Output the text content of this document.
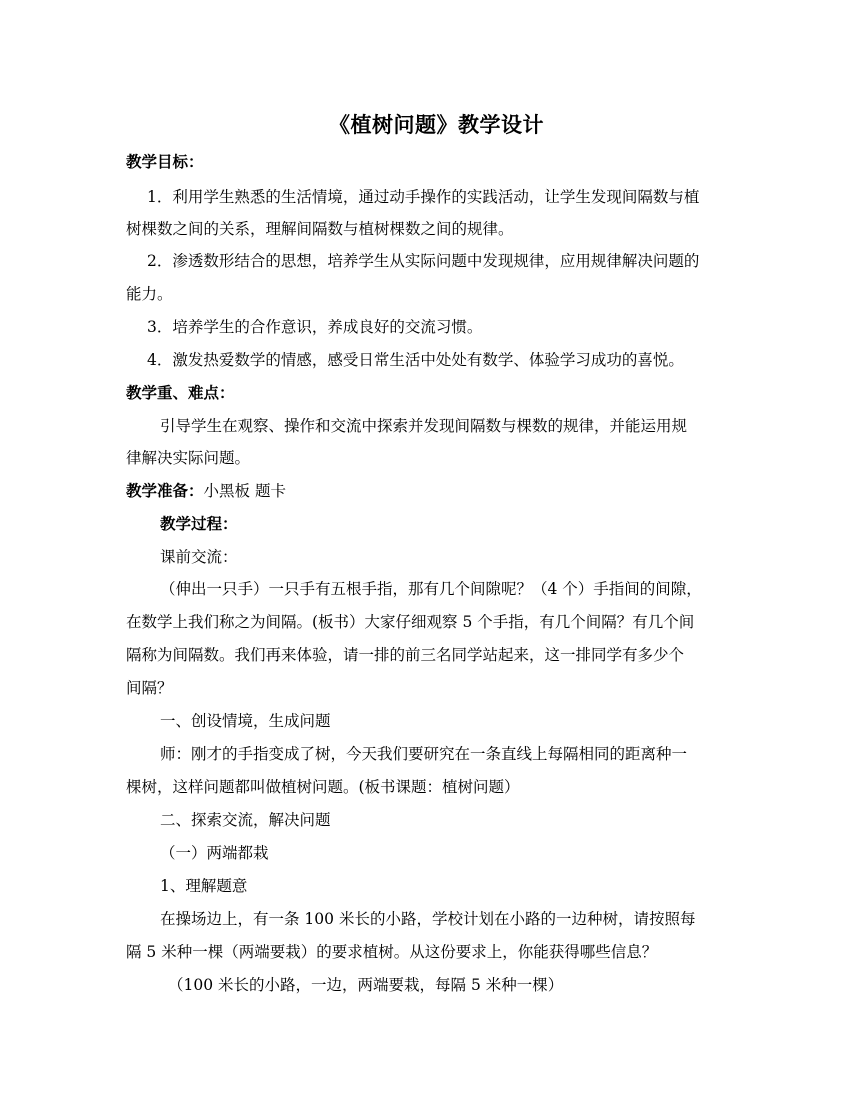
《植树问题》教学设计
教学目标：
1．利用学生熟悉的生活情境，通过动手操作的实践活动，让学生发现间隔数与植
树棵数之间的关系，理解间隔数与植树棵数之间的规律。
2．渗透数形结合的思想，培养学生从实际问题中发现规律，应用规律解决问题的
能力。
3．培养学生的合作意识，养成良好的交流习惯。
4．激发热爱数学的情感，感受日常生活中处处有数学、体验学习成功的喜悦。
教学重、难点：
引导学生在观察、操作和交流中探索并发现间隔数与棵数的规律，并能运用规
律解决实际问题。
教学准备：小黑板 题卡
教学过程：
课前交流：
（伸出一只手）一只手有五根手指，那有几个间隙呢？（4 个）手指间的间隙，
在数学上我们称之为间隔。(板书）大家仔细观察 5 个手指，有几个间隔？有几个间
隔称为间隔数。我们再来体验，请一排的前三名同学站起来，这一排同学有多少个
间隔？
一、创设情境，生成问题
师：刚才的手指变成了树，今天我们要研究在一条直线上每隔相同的距离种一
棵树，这样问题都叫做植树问题。(板书课题：植树问题）
二、探索交流，解决问题
（一）两端都栽
1、理解题意
在操场边上，有一条 100 米长的小路，学校计划在小路的一边种树，请按照每
隔 5 米种一棵（两端要栽）的要求植树。从这份要求上，你能获得哪些信息？
（100 米长的小路，一边，两端要栽，每隔 5 米种一棵）
